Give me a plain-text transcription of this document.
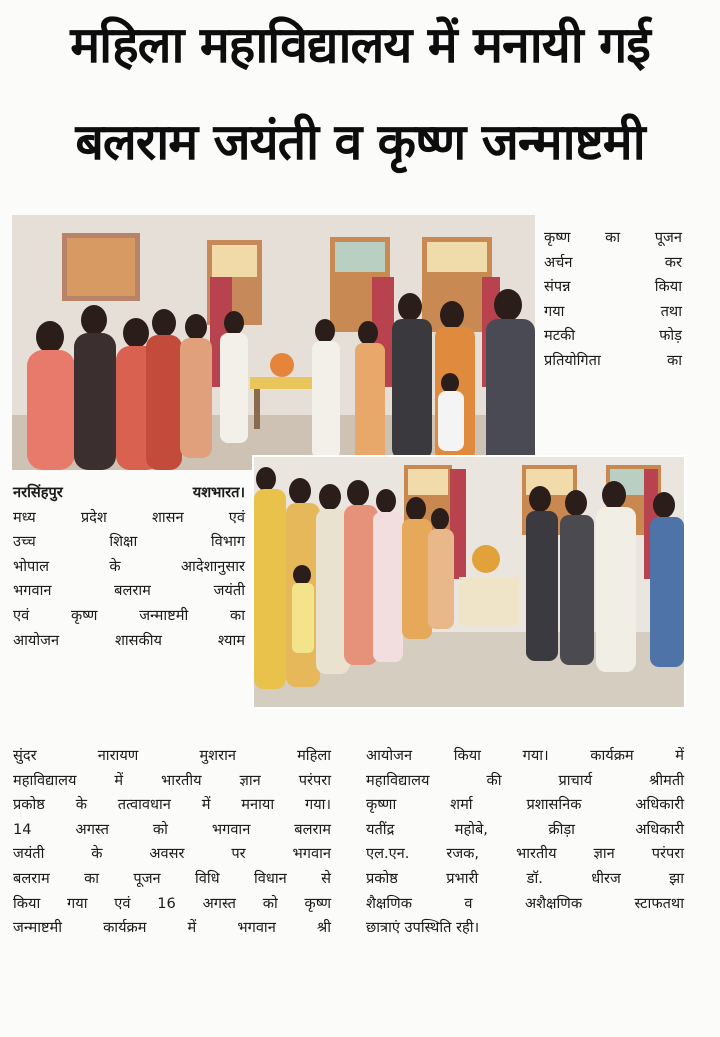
महिला महाविद्यालय में मनायी गई
बलराम जयंती व कृष्ण जन्माष्टमी

कृष्ण का पूजन

अर्चन कर

संपन्न किया

गया तथा

मटकी फोड़

प्रतियोगिता का

नरसिंहपुर यशभारत।

मध्य प्रदेश शासन एवं

उच्च शिक्षा विभाग

भोपाल के आदेशानुसार

भगवान बलराम जयंती

एवं कृष्ण जन्माष्टमी का

आयोजन शासकीय श्याम

सुंदर नारायण मुशरान महिला

महाविद्यालय में भारतीय ज्ञान परंपरा

प्रकोष्ठ के तत्वावधान में मनाया गया।

14 अगस्त को भगवान बलराम

जयंती के अवसर पर भगवान

बलराम का पूजन विधि विधान से

किया गया एवं 16 अगस्त को कृष्ण

जन्माष्टमी कार्यक्रम में भगवान श्री

आयोजन किया गया। कार्यक्रम में

महाविद्यालय की प्राचार्य श्रीमती

कृष्णा शर्मा प्रशासनिक अधिकारी

यतींद्र महोबे, क्रीड़ा अधिकारी

एल.एन. रजक, भारतीय ज्ञान परंपरा

प्रकोष्ठ प्रभारी डॉ. धीरज झा

शैक्षणिक व अशैक्षणिक स्टाफतथा

छात्राएं उपस्थिति रही।
